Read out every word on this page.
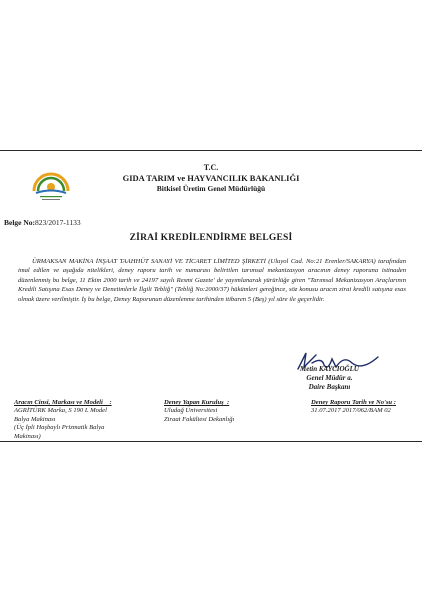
T.C.
GIDA TARIM ve HAYVANCILIK BAKANLIĞI
Bitkisel Üretim Genel Müdürlüğü
Belge No:823/2017-1133
ZİRAİ KREDİLENDİRME BELGESİ
ÜRMAKSAN MAKİNA İNŞAAT TAAHHÜT SANAYİ VE TİCARET LİMİTED ŞİRKETİ (Uluyol Cad. No:21 Erenler/SAKARYA) tarafından imal edilen ve aşağıda nitelikleri, deney raporu tarih ve numarası belirtilen tarımsal mekanizasyon aracının deney raporuna istinaden düzenlenmiş bu belge, 11 Ekim 2000 tarih ve 24197 sayılı Resmi Gazete' de yayımlanarak yürürlüğe giren "Tarımsal Mekanizasyon Araçlarının Kredili Satışına Esas Deney ve Denetimlerle İlgili Tebliğ" (Tebliğ No:2000/37) hükümleri gereğince, söz konusu aracın zirai kredili satışına esas olmak üzere verilmiştir. İş bu belge, Deney Raporunun düzenlenme tarihinden itibaren 5 (Beş) yıl süre ile geçerlidir.
Metin KAYCIOĞLU
Genel Müdür a.
Daire Başkanı
Aracın Cinsi, Markası ve Modeli :
AGRİTÜRK Marka, S 190 L Model
Balya Makinası
(Üç İpli Haşbaylı Prizmatik Balya
Makinası)
Deney Yapan Kuruluş :
Uludağ Üniversitesi
Ziraat Fakültesi Dekanlığı
Deney Raporu Tarih ve No'su :
31.07.2017 2017/062/BAM 02
